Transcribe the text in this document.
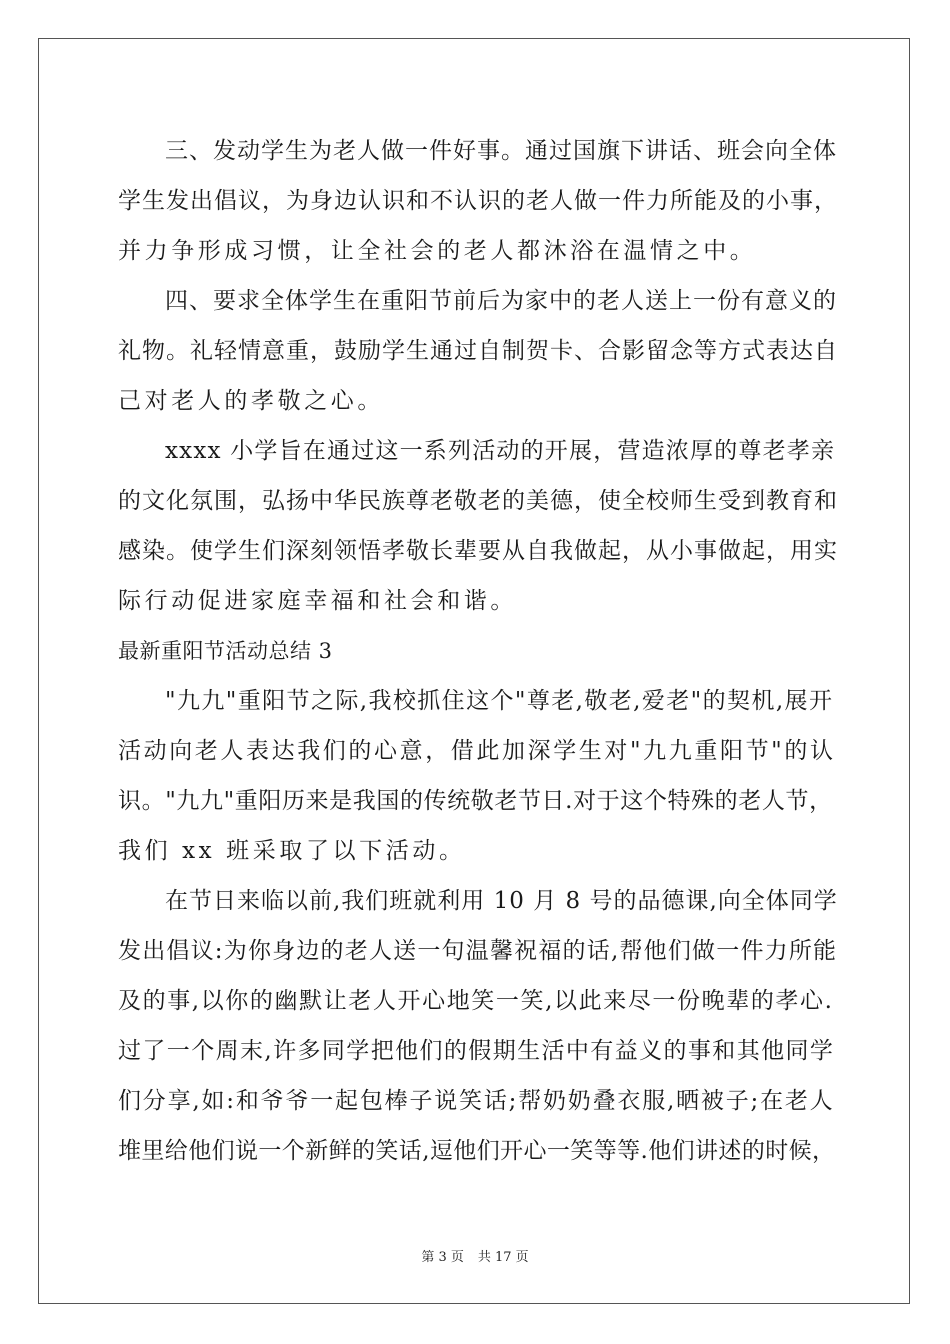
三、发动学生为老人做一件好事。通过国旗下讲话、班会向全体
学生发出倡议，为身边认识和不认识的老人做一件力所能及的小事，
并力争形成习惯，让全社会的老人都沐浴在温情之中。
四、要求全体学生在重阳节前后为家中的老人送上一份有意义的
礼物。礼轻情意重，鼓励学生通过自制贺卡、合影留念等方式表达自
己对老人的孝敬之心。
xxxx 小学旨在通过这一系列活动的开展，营造浓厚的尊老孝亲
的文化氛围，弘扬中华民族尊老敬老的美德，使全校师生受到教育和
感染。使学生们深刻领悟孝敬长辈要从自我做起，从小事做起，用实
际行动促进家庭幸福和社会和谐。
最新重阳节活动总结 3
"九九"重阳节之际,我校抓住这个"尊老,敬老,爱老"的契机,展开
活动向老人表达我们的心意，借此加深学生对"九九重阳节"的认
识。"九九"重阳历来是我国的传统敬老节日.对于这个特殊的老人节，
我们 xx 班采取了以下活动。
在节日来临以前,我们班就利用 10 月 8 号的品德课,向全体同学
发出倡议:为你身边的老人送一句温馨祝福的话,帮他们做一件力所能
及的事,以你的幽默让老人开心地笑一笑,以此来尽一份晚辈的孝心.
过了一个周末,许多同学把他们的假期生活中有益义的事和其他同学
们分享,如:和爷爷一起包棒子说笑话;帮奶奶叠衣服,晒被子;在老人
堆里给他们说一个新鲜的笑话,逗他们开心一笑等等.他们讲述的时候，
第 3 页 共 17 页
